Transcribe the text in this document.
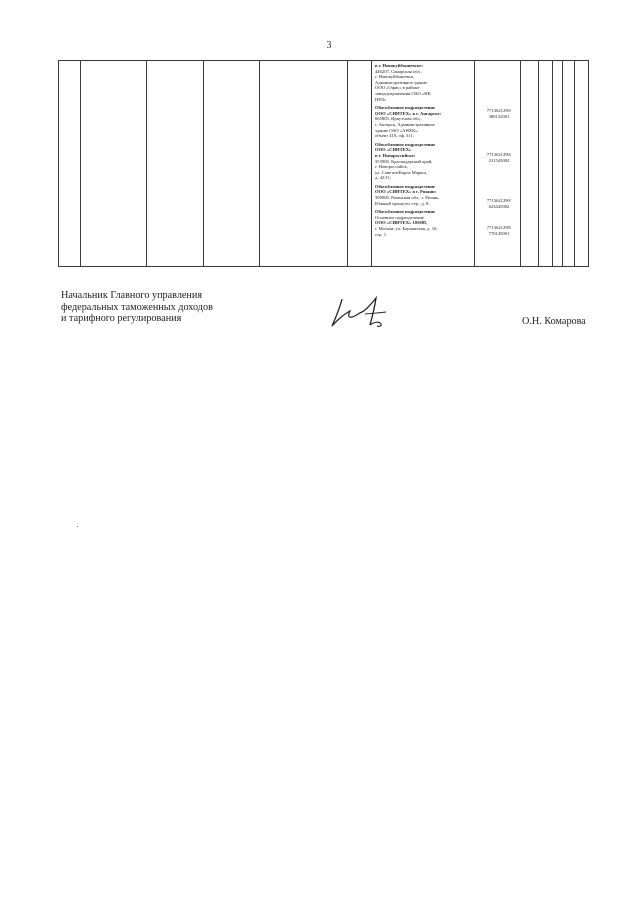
3

в г. Новокуйбышевске:
446207, Самарская обл.,
г. Новокуйбышевск,
Административное здание
ООО «Офис» в районе
заводоуправления ОАО «НК
НПЗ»
Обособленное подразделение
ООО «СИНТЕХ» в г. Ангарске:
665805, Иркутская обл.,
г. Ангарск, Административное
здание ОАО «АНХК»,
объект 410, оф. 311;
Обособленное подразделение
ООО «СИНТЕХ»
в г. Новороссийске:
353900, Краснодарский край,
г. Новороссийск,
ул. Советов/Карла Маркса,
д. 42/11;
Обособленное подразделение
ООО «СИНТЕХ» в г. Рязани:
390000, Рязанская обл., г. Рязань,
Южный промузел тер., д. 8;
Обособленное подразделение
Основное подразделение
ООО «СИНТЕХ» 105005,
г. Москва, ул. Бауманская, д. 16,
стр. 1

7713621290/
380132001
7713621290/
231545002
7713621290/
623445002
7713621290/
770145001

Начальник Главного управления
федеральных таможенных доходов
и тарифного регулирования	О.Н. Комарова
